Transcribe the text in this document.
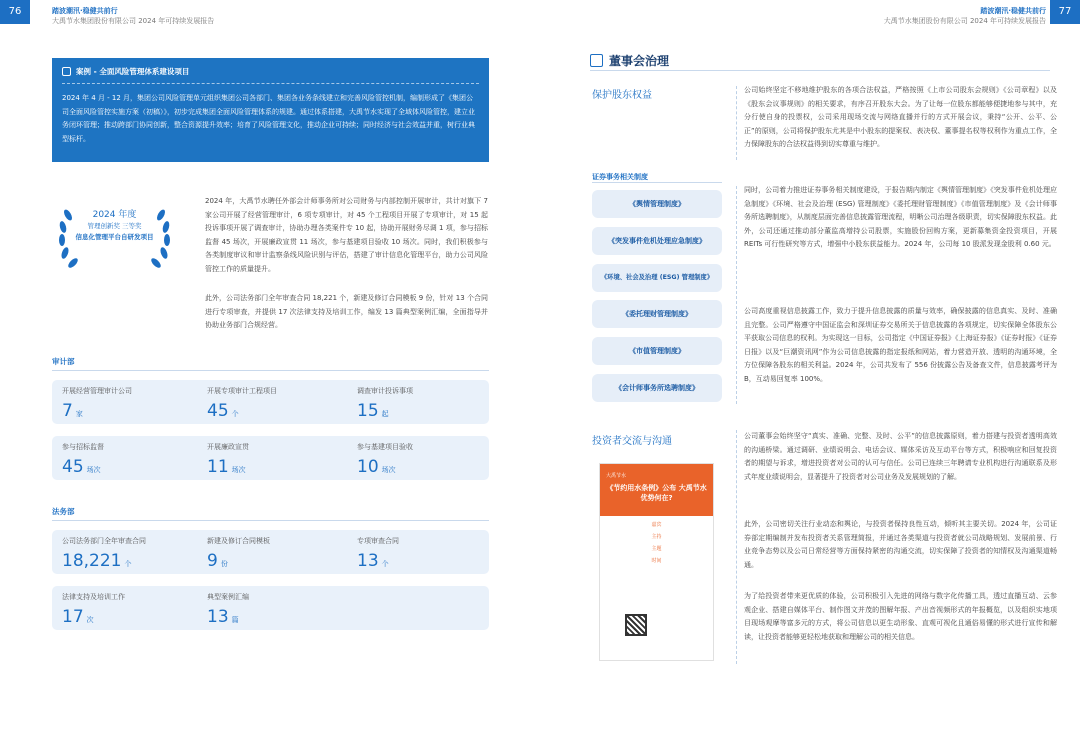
76	77
踏波潮汛·稳健共前行
大禹节水集团股份有限公司 2024 年可持续发展报告
踏波潮汛·稳健共前行
大禹节水集团股份有限公司 2024 年可持续发展报告
案例 - 全面风险管理体系建设项目
2024 年 4 月 - 12 月，集团公司风险管理单元组织集团公司各部门、集团各业务条线建立和完善风险管控机制，编制形成了《集团公司全面风险管控实施方案（初稿）》，初步完成集团全面风险管理体系的规建。通过体系搭建，大禹节水实现了全域体风险管控，建立业务闭环管理；推动跨部门协同创新，整合资源提升效率；培育了风险管理文化，推动企业可持续；同时经济与社会效益并重，树行业典型标杆。
2024 年度
管理创新奖 三等奖
信息化管理平台自研发项目
2024 年，大禹节水聘任外部会计师事务所对公司财务与内部控制开展审计，共计对旗下 7 家公司开展了经营管理审计，6 项专项审计，对 45 个工程项目开展了专项审计，对 15 起投诉事项开展了调查审计，协助办理各类案件专 10 起，协助开展财务尽调 1 项，参与招标监督 45 场次，开展廉政宣贯 11 场次，参与基建项目验收 10 场次。同时，我们积极参与各类制度审议和审计监察条线风险识别与评估，搭建了审计信息化管理平台，助力公司风险管控工作的质量提升。
此外，公司法务部门全年审查合同 18,221 个，新建及修订合同模板 9 份，针对 13 个合同进行专项审查，并提供 17 次法律支持及培训工作，编发 13 篇典型案例汇编，全面指导并协助业务部门合规经营。
审计部
开展经营管理审计公司
7 家
开展专项审计工程项目
45 个
调查审计投诉事项
15 起
参与招标监督
45 场次
开展廉政宣贯
11 场次
参与基建项目验收
10 场次
法务部
公司法务部门全年审查合同
18,221 个
新建及修订合同模板
9 份
专项审查合同
13 个
法律支持及培训工作
17 次
典型案例汇编
13 篇
董事会治理
保护股东权益	公司始终坚定不移地维护股东的各项合法权益，严格按照《上市公司股东会规则》《公司章程》以及《股东会议事规则》的相关要求，有序召开股东大会。为了让每一位股东都能够便捷地参与其中，充分行使自身的投票权，公司采用现场交流与网络直播并行的方式开展会议，秉持“公开、公平、公正”的原则，公司将保护股东尤其是中小股东的提案权、表决权、董事提名权等权利作为重点工作，全力保障股东的合法权益得到切实尊重与维护。
证券事务相关制度
《舆情管理制度》
《突发事件危机处理应急制度》
《环境、社会及治理 (ESG) 管理制度》
《委托理财管理制度》
《市值管理制度》
《会计师事务所选聘制度》
同时，公司着力推进证券事务相关制度建设，于报告期内制定《舆情管理制度》《突发事件危机处理应急制度》《环境、社会及治理 (ESG) 管理制度》《委托理财管理制度》《市值管理制度》及《会计师事务所选聘制度》，从制度层面完善信息披露管理流程，明晰公司治理各级职责，切实保障股东权益。此外，公司还通过推动部分董监高增持公司股票，实施股份回购方案，更新募集资金投资项目，开展 REITs 可行性研究等方式，增强中小股东获益能力。2024 年，公司每 10 股派发现金股利 0.60 元。
公司高度重视信息披露工作，致力于提升信息披露的质量与效率，确保披露的信息真实、及时、准确且完整。公司严格遵守中国证监会和深圳证券交易所关于信息披露的各项规定，切实保障全体股东公平获取公司信息的权利。为实现这一目标，公司指定《中国证券报》《上海证券报》《证券时报》《证券日报》以及“巨潮资讯网”作为公司信息披露的指定报纸和网站，着力营造开放、透明的沟通环境，全方位保障各股东的相关利益。2024 年，公司共发布了 556 份披露公告及备查文件，信息披露考评为 B，互动易回复率 100%。
投资者交流与沟通	公司董事会始终坚守“真实、准确、完整、及时、公平”的信息披露原则，着力搭建与投资者透明高效的沟通桥梁。通过调研、业绩说明会、电话会议、媒体采访及互动平台等方式，积极响应和回复投资者的期望与诉求，增进投资者对公司的认可与信任。公司已连续三年聘请专业机构进行沟通联系及形式年度业绩说明会，显著提升了投资者对公司业务及发展规划的了解。
此外，公司密切关注行业动态和舆论，与投资者保持良性互动，倾听其主要关切。2024 年，公司证券部定期编制并发布投资者关系管理简报，并通过各类渠道与投资者就公司战略规划、发展前景、行业竞争态势以及公司日常经营等方面保持紧密的沟通交流，切实保障了投资者的知情权及沟通渠道畅通。
为了给投资者带来更优质的体验，公司积极引入先进的网络与数字化传播工具，透过直播互动、云参观企业、搭建自媒体平台、制作图文并茂的图解年报、产出音视频形式的年报概览，以及组织实地项目现场观摩等富多元的方式，将公司信息以更生动形象、直观可视化且通俗易懂的形式进行宣传和解读，让投资者能够更轻松地获取和理解公司的相关信息。
大禹节水
《节约用水条例》公布 大禹节水优势何在?
嘉宾
主持
主题
时间
